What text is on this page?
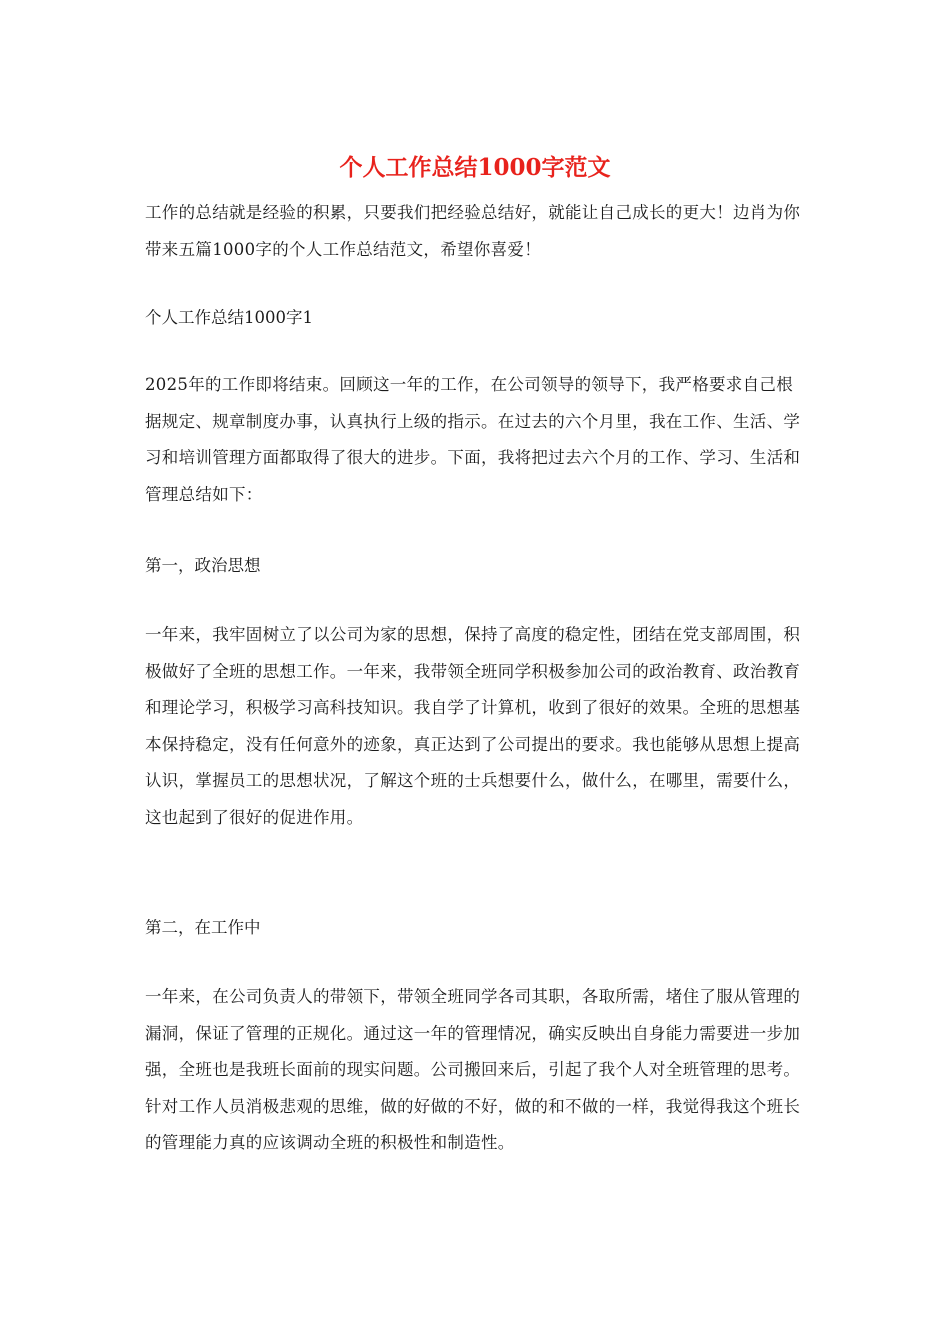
个人工作总结1000字范文

工作的总结就是经验的积累，只要我们把经验总结好，就能让自己成长的更大！边肖为你带来五篇1000字的个人工作总结范文，希望你喜爱！

个人工作总结1000字1

2025年的工作即将结束。回顾这一年的工作，在公司领导的领导下，我严格要求自己根据规定、规章制度办事，认真执行上级的指示。在过去的六个月里，我在工作、生活、学习和培训管理方面都取得了很大的进步。下面，我将把过去六个月的工作、学习、生活和管理总结如下：

第一，政治思想

一年来，我牢固树立了以公司为家的思想，保持了高度的稳定性，团结在党支部周围，积极做好了全班的思想工作。一年来，我带领全班同学积极参加公司的政治教育、政治教育和理论学习，积极学习高科技知识。我自学了计算机，收到了很好的效果。全班的思想基本保持稳定，没有任何意外的迹象，真正达到了公司提出的要求。我也能够从思想上提高认识，掌握员工的思想状况，了解这个班的士兵想要什么，做什么，在哪里，需要什么，这也起到了很好的促进作用。

第二，在工作中

一年来，在公司负责人的带领下，带领全班同学各司其职，各取所需，堵住了服从管理的漏洞，保证了管理的正规化。通过这一年的管理情况，确实反映出自身能力需要进一步加强，全班也是我班长面前的现实问题。公司搬回来后，引起了我个人对全班管理的思考。针对工作人员消极悲观的思维，做的好做的不好，做的和不做的一样，我觉得我这个班长的管理能力真的应该调动全班的积极性和制造性。
